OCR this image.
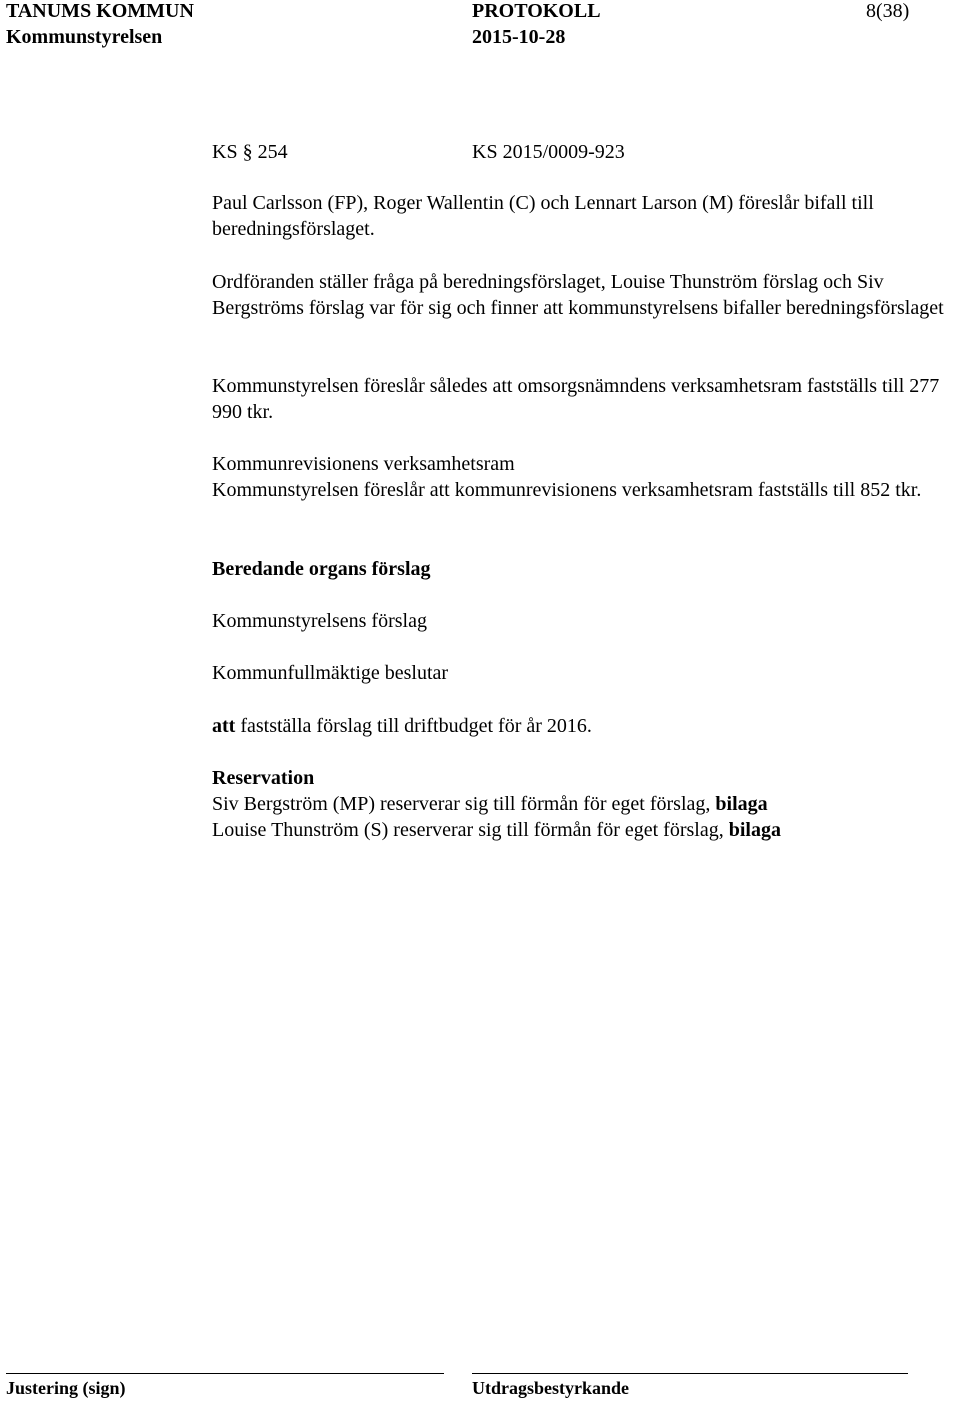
TANUMS KOMMUN
Kommunstyrelsen
PROTOKOLL
2015-10-28
8(38)
KS § 254	KS 2015/0009-923

Paul Carlsson (FP), Roger Wallentin (C) och Lennart Larson (M) föreslår bifall till beredningsförslaget.

Ordföranden ställer fråga på beredningsförslaget, Louise Thunström förslag och Siv Bergströms förslag var för sig och finner att kommunstyrelsens bifaller beredningsförslaget

Kommunstyrelsen föreslår således att omsorgsnämndens verksamhetsram fastställs till 277 990 tkr.

Kommunrevisionens verksamhetsram

Kommunstyrelsen föreslår att kommunrevisionens verksamhetsram fastställs till 852 tkr.

Beredande organs förslag
Kommunstyrelsens förslag
Kommunfullmäktige beslutar
att fastställa förslag till driftbudget för år 2016.
Reservation
Siv Bergström (MP) reserverar sig till förmån för eget förslag, bilaga
Louise Thunström (S) reserverar sig till förmån för eget förslag, bilaga
Justering (sign)	Utdragsbestyrkande
